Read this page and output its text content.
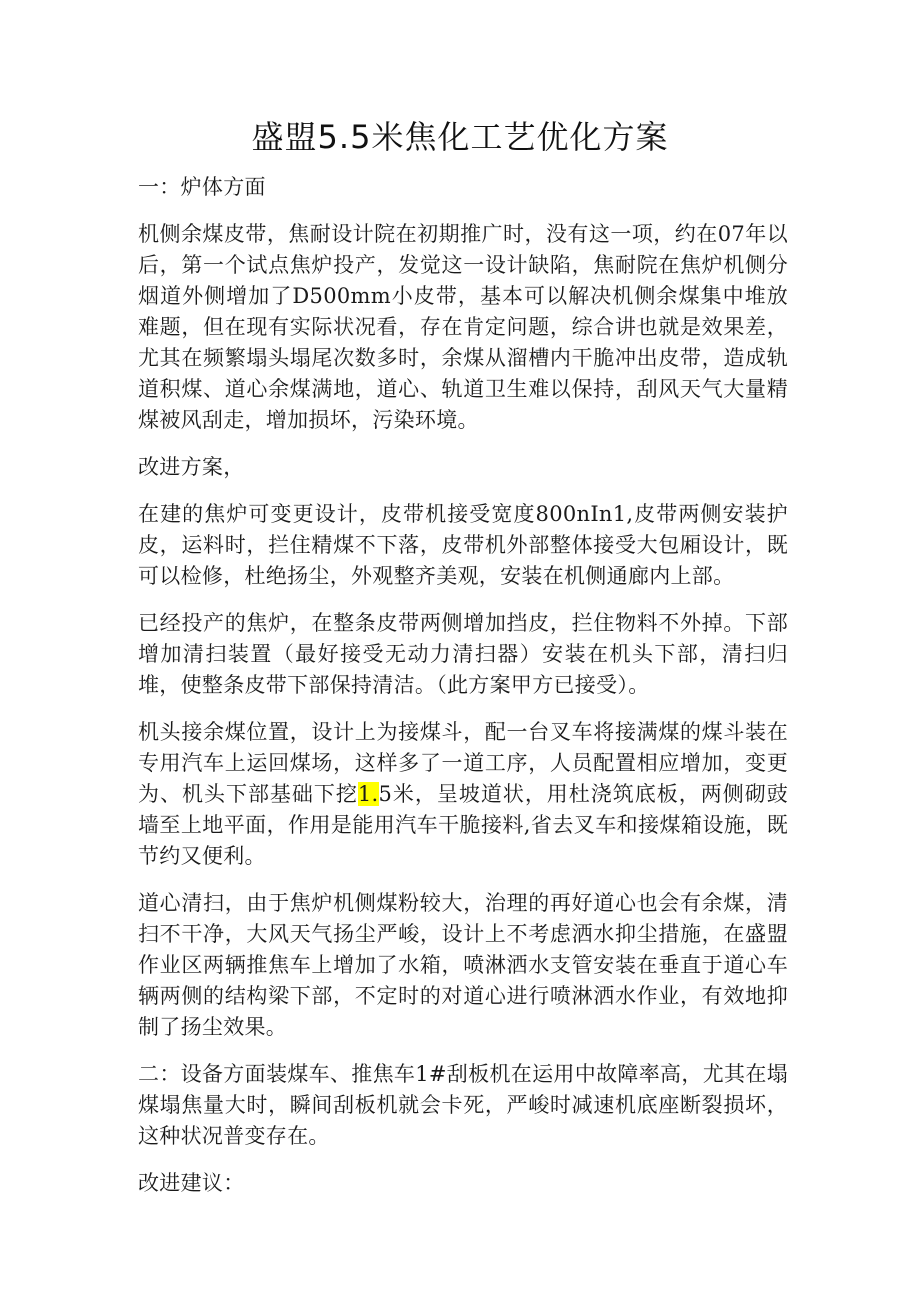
盛盟5.5米焦化工艺优化方案

一：炉体方面

机侧余煤皮带，焦耐设计院在初期推广时，没有这一项，约在07年以后，第一个试点焦炉投产，发觉这一设计缺陷，焦耐院在焦炉机侧分烟道外侧增加了D500mm小皮带，基本可以解决机侧余煤集中堆放难题，但在现有实际状况看，存在肯定问题，综合讲也就是效果差，尤其在频繁塌头塌尾次数多时，余煤从溜槽内干脆冲出皮带，造成轨道积煤、道心余煤满地，道心、轨道卫生难以保持，刮风天气大量精煤被风刮走，增加损坏，污染环境。

改进方案，

在建的焦炉可变更设计，皮带机接受宽度800nIn1,皮带两侧安装护皮，运料时，拦住精煤不下落，皮带机外部整体接受大包厢设计，既可以检修，杜绝扬尘，外观整齐美观，安装在机侧通廊内上部。

已经投产的焦炉，在整条皮带两侧增加挡皮，拦住物料不外掉。下部增加清扫装置（最好接受无动力清扫器）安装在机头下部，清扫归堆，使整条皮带下部保持清洁。（此方案甲方已接受）。

机头接余煤位置，设计上为接煤斗，配一台叉车将接满煤的煤斗装在专用汽车上运回煤场，这样多了一道工序，人员配置相应增加，变更为、机头下部基础下挖1.5米，呈坡道状，用杜浇筑底板，两侧砌豉墙至上地平面，作用是能用汽车干脆接料,省去叉车和接煤箱设施，既节约又便利。

道心清扫，由于焦炉机侧煤粉较大，治理的再好道心也会有余煤，清扫不干净，大风天气扬尘严峻，设计上不考虑洒水抑尘措施，在盛盟作业区两辆推焦车上增加了水箱，喷淋洒水支管安装在垂直于道心车辆两侧的结构梁下部，不定时的对道心进行喷淋洒水作业，有效地抑制了扬尘效果。

二：设备方面装煤车、推焦车1#刮板机在运用中故障率高，尤其在塌煤塌焦量大时，瞬间刮板机就会卡死，严峻时减速机底座断裂损坏，这种状况普变存在。

改进建议：
